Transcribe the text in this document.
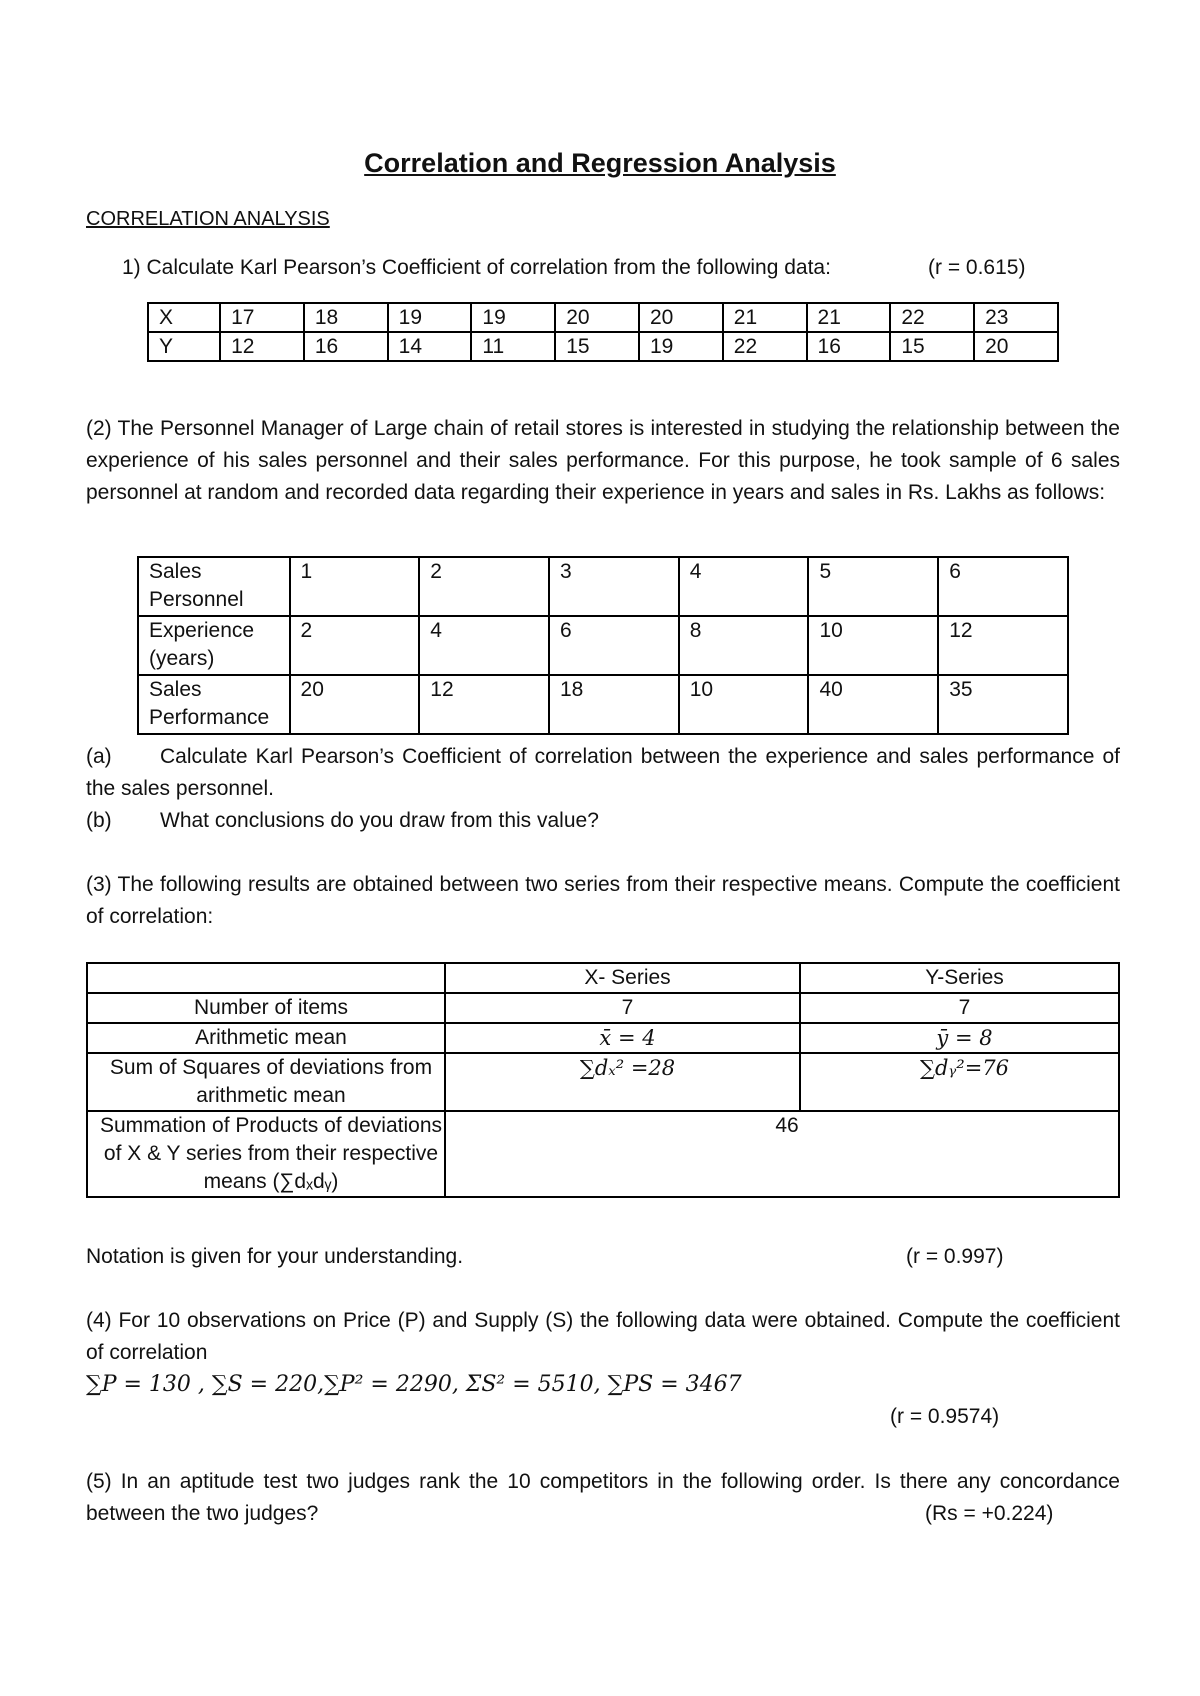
Correlation and Regression Analysis
CORRELATION ANALYSIS
1) Calculate Karl Pearson’s Coefficient of correlation from the following data:	(r = 0.615)
X	17	18	19	19	20	20	21	21	22	23
Y	12	16	14	11	15	19	22	16	15	20
(2) The Personnel Manager of Large chain of retail stores is interested in studying the relationship between the experience of his sales personnel and their sales performance. For this purpose, he took sample of 6 sales personnel at random and recorded data regarding their experience in years and sales in Rs. Lakhs as follows:
Sales Personnel	1	2	3	4	5	6
Experience (years)	2	4	6	8	10	12
Sales Performance	20	12	18	10	40	35
(a)	Calculate Karl Pearson’s Coefficient of correlation between the experience and sales performance of the sales personnel.
(b) What conclusions do you draw from this value?
(3) The following results are obtained between two series from their respective means. Compute the coefficient of correlation:
	X- Series	Y-Series
Number of items	7	7
Arithmetic mean	x̄ = 4	ȳ = 8
Sum of Squares of deviations from arithmetic mean	∑dₓ² =28	∑dᵧ²=76
Summation of Products of deviations of X & Y series from their respective means (∑dₓdᵧ)	46	
Notation is given for your understanding.	(r = 0.997)
(4) For 10 observations on Price (P) and Supply (S) the following data were obtained. Compute the coefficient of correlation
∑P = 130 , ∑S = 220,∑P² = 2290, ΣS² = 5510, ∑PS = 3467
(r = 0.9574)
(5) In an aptitude test two judges rank the 10 competitors in the following order. Is there any concordance between the two judges?	(Rs = +0.224)
